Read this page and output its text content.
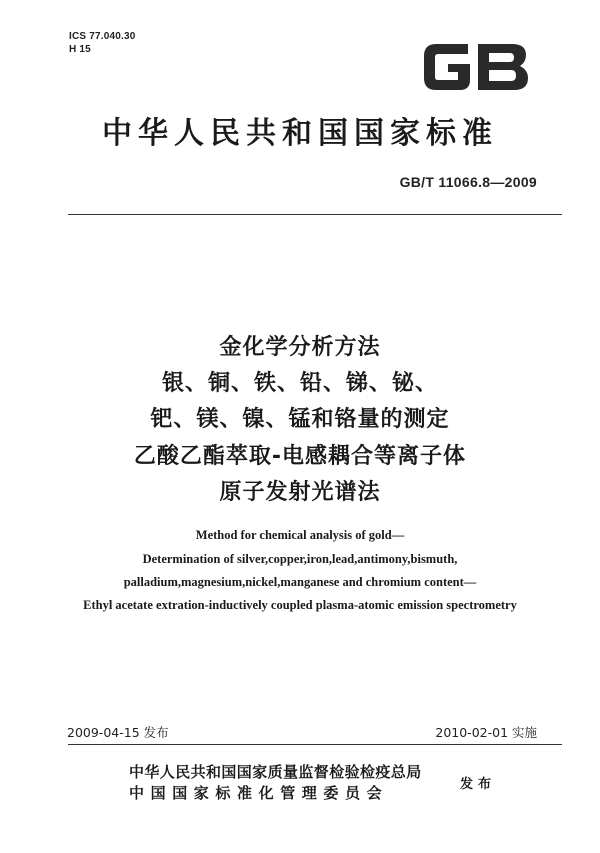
ICS 77.040.30
H 15
中华人民共和国国家标准
GB/T 11066.8—2009
金化学分析方法
银、铜、铁、铅、锑、铋、
钯、镁、镍、锰和铬量的测定
乙酸乙酯萃取-电感耦合等离子体
原子发射光谱法
Method for chemical analysis of gold—
Determination of silver,copper,iron,lead,antimony,bismuth,
palladium,magnesium,nickel,manganese and chromium content—
Ethyl acetate extration-inductively coupled plasma-atomic emission spectrometry
2009-04-15 发布	2010-02-01 实施
中华人民共和国国家质量监督检验检疫总局
中国国家标准化管理委员会	发布
